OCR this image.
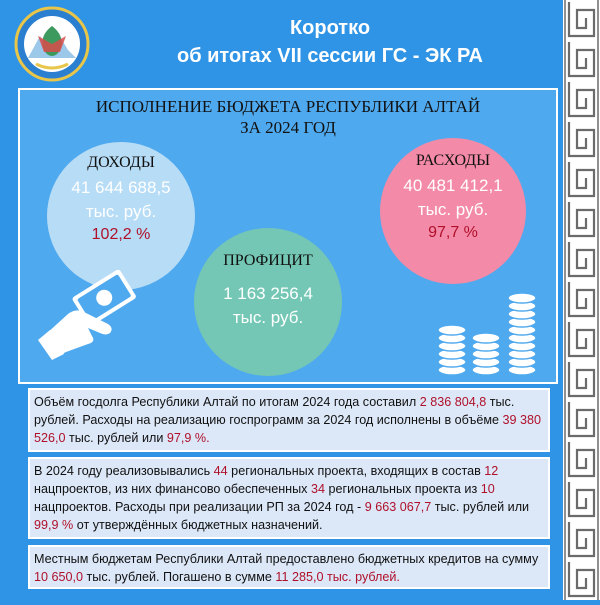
Коротко
об итогах VII сессии ГС - ЭК РА
ИСПОЛНЕНИЕ БЮДЖЕТА РЕСПУБЛИКИ АЛТАЙ
ЗА 2024 ГОД
ДОХОДЫ
41 644 688,5
тыс. руб.
102,2 %
РАСХОДЫ
40 481 412,1
тыс. руб.
97,7 %
ПРОФИЦИТ
1 163 256,4
тыс. руб.
Объём госдолга Республики Алтай по итогам 2024 года составил 2 836 804,8 тыс. рублей. Расходы на реализацию госпрограмм за 2024 год исполнены в объёме 39 380 526,0 тыс. рублей или 97,9 %.
В 2024 году реализовывались 44 региональных проекта, входящих в состав 12 нацпроектов, из них финансово обеспеченных 34 региональных проекта из 10 нацпроектов. Расходы при реализации РП за 2024 год - 9 663 067,7 тыс. рублей или 99,9 % от утверждённых бюджетных назначений.
Местным бюджетам Республики Алтай предоставлено бюджетных кредитов на сумму 10 650,0 тыс. рублей. Погашено в сумме 11 285,0 тыс. рублей.
